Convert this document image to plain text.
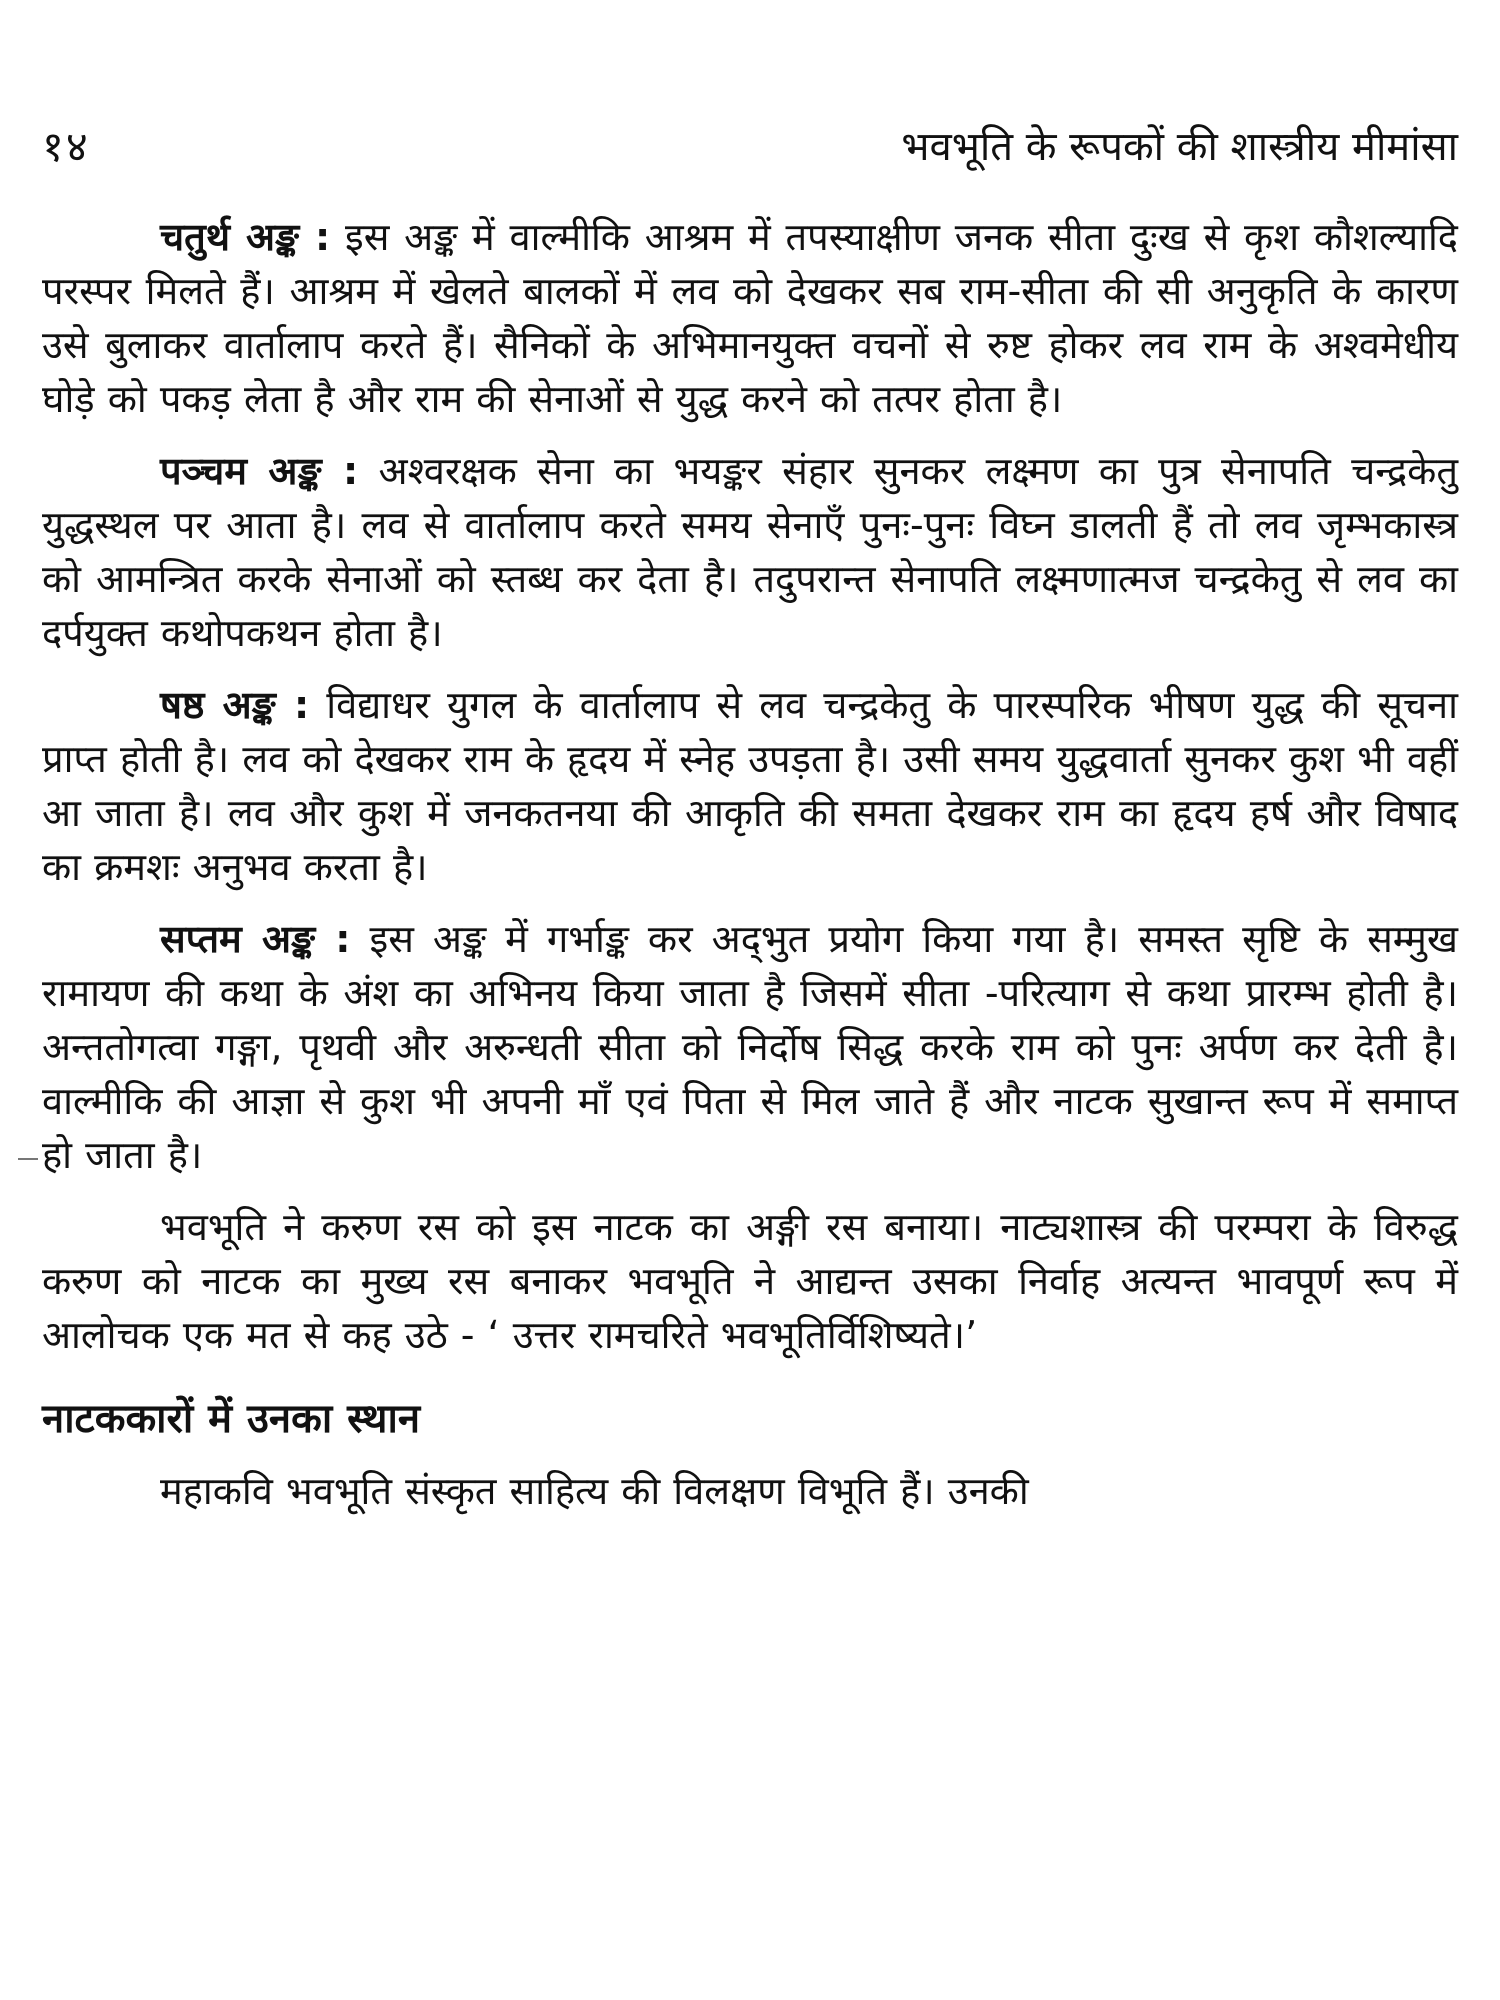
१४	भवभूति के रूपकों की शास्त्रीय मीमांसा

चतुर्थ अङ्क : इस अङ्क में वाल्मीकि आश्रम में तपस्याक्षीण जनक सीता दुःख से कृश कौशल्यादि परस्पर मिलते हैं। आश्रम में खेलते बालकों में लव को देखकर सब राम-सीता की सी अनुकृति के कारण उसे बुलाकर वार्तालाप करते हैं। सैनिकों के अभिमानयुक्त वचनों से रुष्ट होकर लव राम के अश्वमेधीय घोड़े को पकड़ लेता है और राम की सेनाओं से युद्ध करने को तत्पर होता है।

पञ्चम अङ्क : अश्वरक्षक सेना का भयङ्कर संहार सुनकर लक्ष्मण का पुत्र सेनापति चन्द्रकेतु युद्धस्थल पर आता है। लव से वार्तालाप करते समय सेनाएँ पुनः-पुनः विघ्न डालती हैं तो लव जृम्भकास्त्र को आमन्त्रित करके सेनाओं को स्तब्ध कर देता है। तदुपरान्त सेनापति लक्ष्मणात्मज चन्द्रकेतु से लव का दर्पयुक्त कथोपकथन होता है।

षष्ठ अङ्क : विद्याधर युगल के वार्तालाप से लव चन्द्रकेतु के पारस्परिक भीषण युद्ध की सूचना प्राप्त होती है। लव को देखकर राम के हृदय में स्नेह उपड़ता है। उसी समय युद्धवार्ता सुनकर कुश भी वहीं आ जाता है। लव और कुश में जनकतनया की आकृति की समता देखकर राम का हृदय हर्ष और विषाद का क्रमशः अनुभव करता है।

सप्तम अङ्क : इस अङ्क में गर्भाङ्क कर अद्‌भुत प्रयोग किया गया है। समस्त सृष्टि के सम्मुख रामायण की कथा के अंश का अभिनय किया जाता है जिसमें सीता -परित्याग से कथा प्रारम्भ होती है। अन्ततोगत्वा गङ्गा, पृथवी और अरुन्धती सीता को निर्दोष सिद्ध करके राम को पुनः अर्पण कर देती है। वाल्मीकि की आज्ञा से कुश भी अपनी माँ एवं पिता से मिल जाते हैं और नाटक सुखान्त रूप में समाप्त हो जाता है।

भवभूति ने करुण रस को इस नाटक का अङ्गी रस बनाया। नाट्यशास्त्र की परम्परा के विरुद्ध करुण को नाटक का मुख्य रस बनाकर भवभूति ने आद्यन्त उसका निर्वाह अत्यन्त भावपूर्ण रूप में आलोचक एक मत से कह उठे - ‘ उत्तर रामचरिते भवभूतिर्विशिष्यते।’

नाटककारों में उनका स्थान

महाकवि भवभूति संस्कृत साहित्य की विलक्षण विभूति हैं। उनकी
